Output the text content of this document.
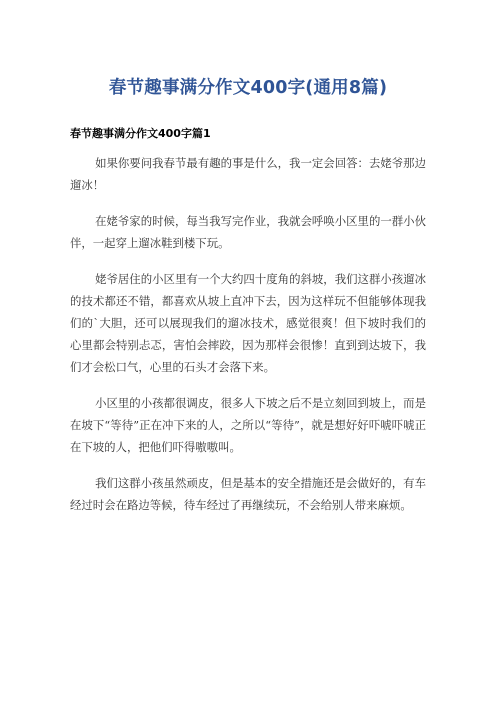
春节趣事满分作文400字(通用8篇)
春节趣事满分作文400字篇1

如果你要问我春节最有趣的事是什么，我一定会回答：去姥爷那边遛冰！

在姥爷家的时候，每当我写完作业，我就会呼唤小区里的一群小伙伴，一起穿上遛冰鞋到楼下玩。

姥爷居住的小区里有一个大约四十度角的斜坡，我们这群小孩遛冰的技术都还不错，都喜欢从坡上直冲下去，因为这样玩不但能够体现我们的`大胆，还可以展现我们的遛冰技术，感觉很爽！但下坡时我们的心里都会特别忐忑，害怕会摔跤，因为那样会很惨！直到到达坡下，我们才会松口气，心里的石头才会落下来。

小区里的小孩都很调皮，很多人下坡之后不是立刻回到坡上，而是在坡下“等待”正在冲下来的人，之所以“等待”，就是想好好吓唬吓唬正在下坡的人，把他们吓得嗷嗷叫。

我们这群小孩虽然顽皮，但是基本的安全措施还是会做好的，有车经过时会在路边等候，待车经过了再继续玩，不会给别人带来麻烦。
